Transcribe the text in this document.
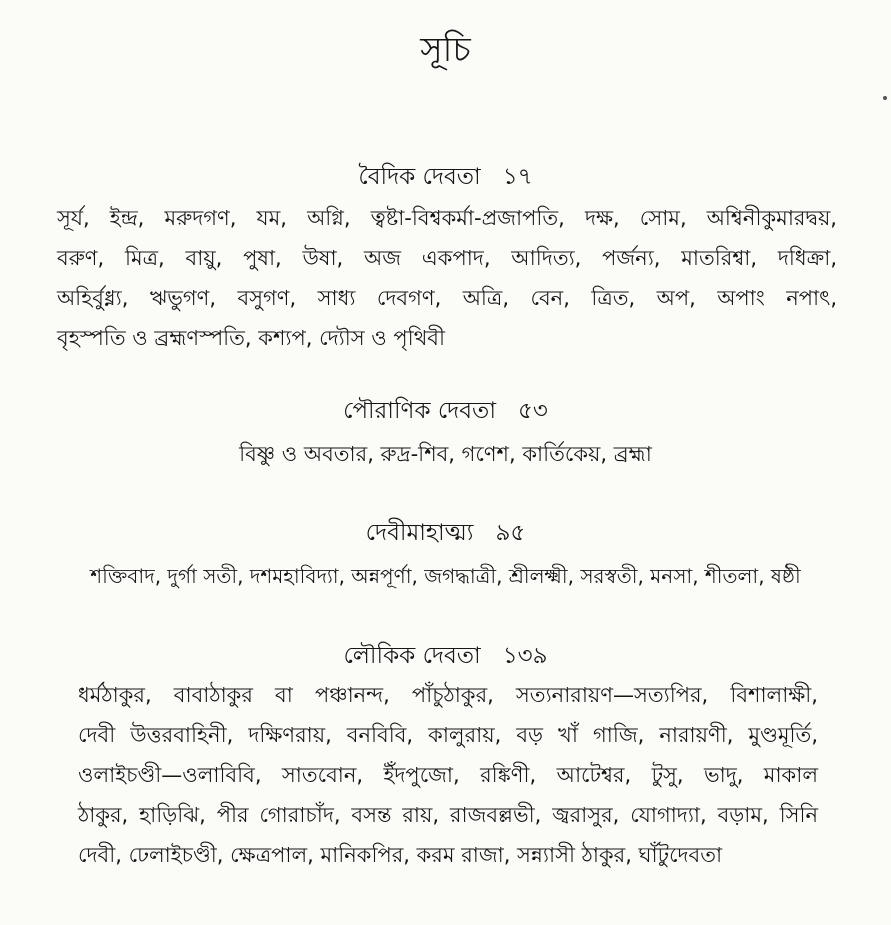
সূচি
বৈদিক দেবতা ১৭
সূর্য, ইন্দ্র, মরুদগণ, যম, অগ্নি, ত্বষ্টা-বিশ্বকর্মা-প্রজাপতি, দক্ষ, সোম, অশ্বিনীকুমারদ্বয়,
বরুণ, মিত্র, বায়ু, পুষা, উষা, অজ একপাদ, আদিত্য, পর্জন্য, মাতরিশ্বা, দধিক্রা,
অহির্বুধ্ন্য, ঋভুগণ, বসুগণ, সাধ্য দেবগণ, অত্রি, বেন, ত্রিত, অপ, অপাং নপাৎ,
বৃহস্পতি ও ব্রহ্মণস্পতি, কশ্যপ, দ্যৌস ও পৃথিবী
পৌরাণিক দেবতা ৫৩
বিষ্ণু ও অবতার, রুদ্র-শিব, গণেশ, কার্তিকেয়, ব্রহ্মা
দেবীমাহাত্ম্য ৯৫
শক্তিবাদ, দুর্গা সতী, দশমহাবিদ্যা, অন্নপূর্ণা, জগদ্ধাত্রী, শ্রীলক্ষ্মী, সরস্বতী, মনসা, শীতলা, ষষ্ঠী
লৌকিক দেবতা ১৩৯
ধর্মঠাকুর, বাবাঠাকুর বা পঞ্চানন্দ, পাঁচুঠাকুর, সত্যনারায়ণ—সত্যপির, বিশালাক্ষী,
দেবী উত্তরবাহিনী, দক্ষিণরায়, বনবিবি, কালুরায়, বড় খাঁ গাজি, নারায়ণী, মুণ্ডমূর্তি,
ওলাইচণ্ডী—ওলাবিবি, সাতবোন, ইঁদপুজো, রঙ্কিণী, আটেশ্বর, টুসু, ভাদু, মাকাল
ঠাকুর, হাড়িঝি, পীর গোরাচাঁদ, বসন্ত রায়, রাজবল্লভী, জ্বরাসুর, যোগাদ্যা, বড়াম, সিনি
দেবী, ঢেলাইচণ্ডী, ক্ষেত্রপাল, মানিকপির, করম রাজা, সন্ন্যাসী ঠাকুর, ঘাঁটুদেবতা
